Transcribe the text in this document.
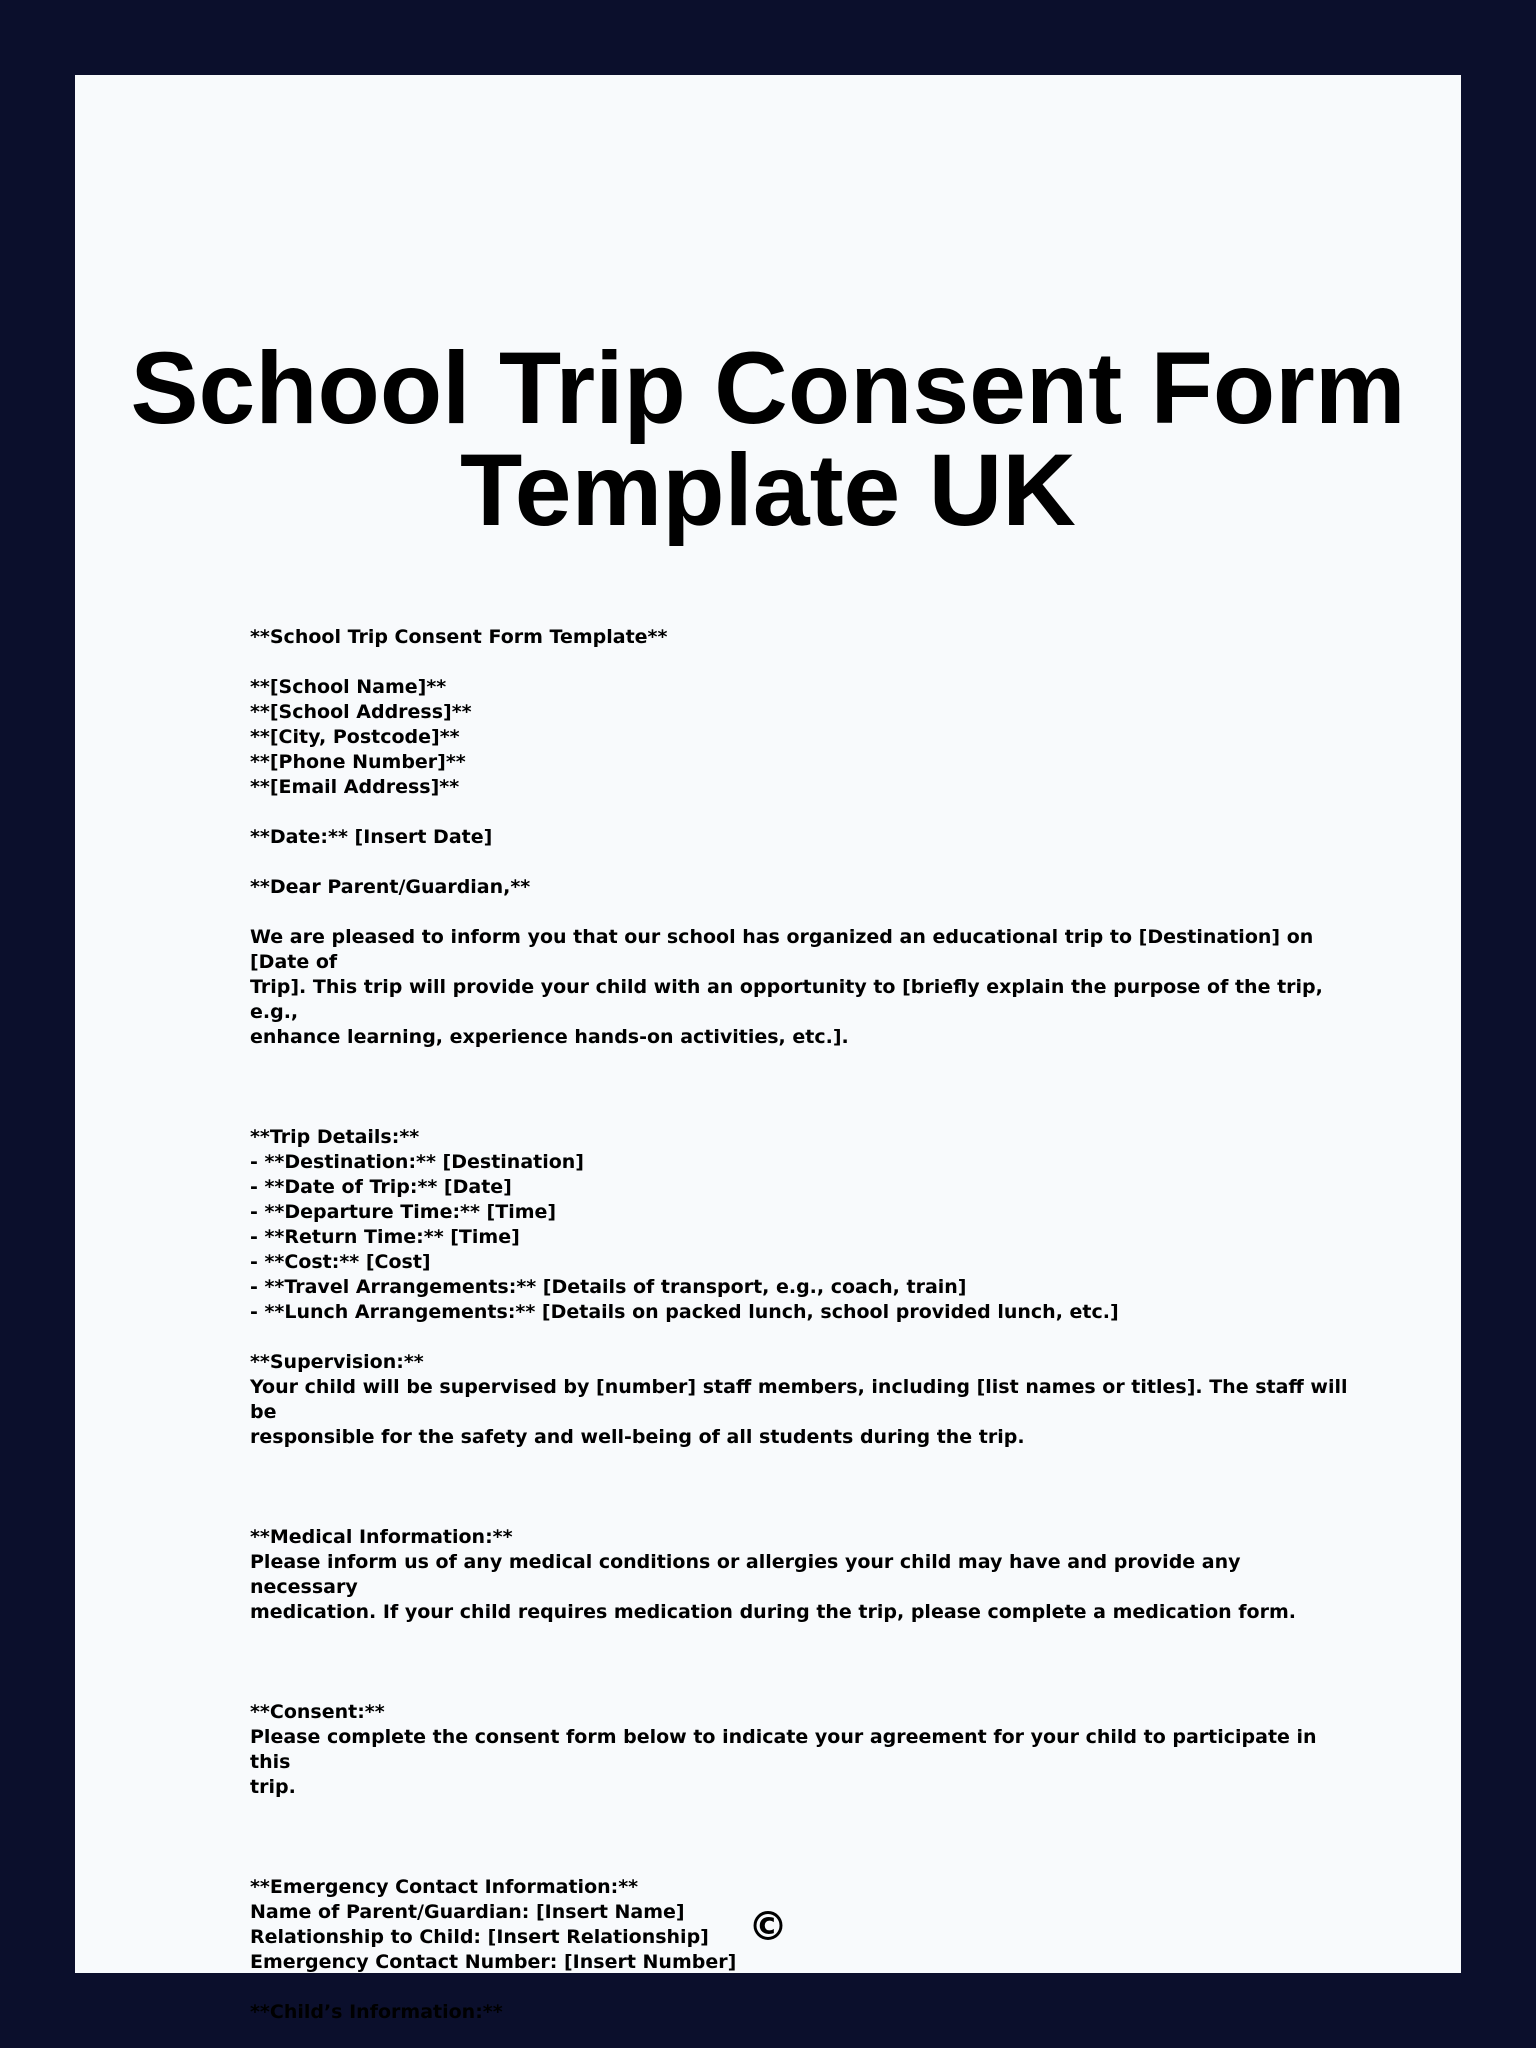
School Trip Consent Form
Template UK
**School Trip Consent Form Template**
**[School Name]**
**[School Address]**
**[City, Postcode]**
**[Phone Number]**
**[Email Address]**
**Date:** [Insert Date]
**Dear Parent/Guardian,**
We are pleased to inform you that our school has organized an educational trip to [Destination] on [Date of
Trip]. This trip will provide your child with an opportunity to [briefly explain the purpose of the trip, e.g.,
enhance learning, experience hands-on activities, etc.].
**Trip Details:**
- **Destination:** [Destination]
- **Date of Trip:** [Date]
- **Departure Time:** [Time]
- **Return Time:** [Time]
- **Cost:** [Cost]
- **Travel Arrangements:** [Details of transport, e.g., coach, train]
- **Lunch Arrangements:** [Details on packed lunch, school provided lunch, etc.]
**Supervision:**
Your child will be supervised by [number] staff members, including [list names or titles]. The staff will be
responsible for the safety and well-being of all students during the trip.
**Medical Information:**
Please inform us of any medical conditions or allergies your child may have and provide any necessary
medication. If your child requires medication during the trip, please complete a medication form.
**Consent:**
Please complete the consent form below to indicate your agreement for your child to participate in this
trip.
**Emergency Contact Information:**
Name of Parent/Guardian: [Insert Name]
Relationship to Child: [Insert Relationship]
Emergency Contact Number: [Insert Number]
**Child’s Information:**
©
